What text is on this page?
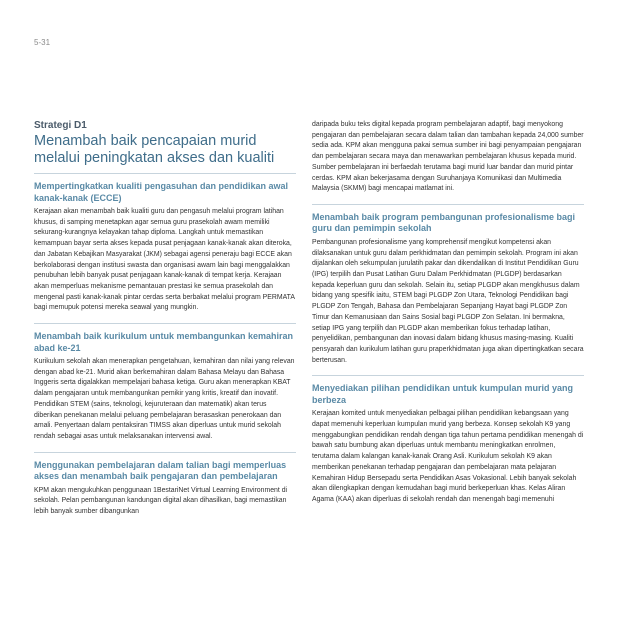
5-31
Strategi D1
Menambah baik pencapaian murid melalui peningkatan akses dan kualiti
Mempertingkatkan kualiti pengasuhan dan pendidikan awal kanak-kanak (ECCE)
Kerajaan akan menambah baik kualiti guru dan pengasuh melalui program latihan khusus, di samping menetapkan agar semua guru prasekolah awam memiliki sekurang-kurangnya kelayakan tahap diploma. Langkah untuk memastikan kemampuan bayar serta akses kepada pusat penjagaan kanak-kanak akan diteroka, dan Jabatan Kebajikan Masyarakat (JKM) sebagai agensi peneraju bagi ECCE akan berkolaborasi dengan institusi swasta dan organisasi awam lain bagi menggalakkan penubuhan lebih banyak pusat penjagaan kanak-kanak di tempat kerja. Kerajaan akan memperluas mekanisme pemantauan prestasi ke semua prasekolah dan mengenal pasti kanak-kanak pintar cerdas serta berbakat melalui program PERMATA bagi memupuk potensi mereka seawal yang mungkin.
Menambah baik kurikulum untuk membangunkan kemahiran abad ke-21
Kurikulum sekolah akan menerapkan pengetahuan, kemahiran dan nilai yang relevan dengan abad ke-21. Murid akan berkemahiran dalam Bahasa Melayu dan Bahasa Inggeris serta digalakkan mempelajari bahasa ketiga. Guru akan menerapkan KBAT dalam pengajaran untuk membangunkan pemikir yang kritis, kreatif dan inovatif. Pendidikan STEM (sains, teknologi, kejuruteraan dan matematik) akan terus diberikan penekanan melalui peluang pembelajaran berasaskan penerokaan dan amali. Penyertaan dalam pentaksiran TIMSS akan diperluas untuk murid sekolah rendah sebagai asas untuk melaksanakan intervensi awal.
Menggunakan pembelajaran dalam talian bagi memperluas akses dan menambah baik pengajaran dan pembelajaran
KPM akan mengukuhkan penggunaan 1BestariNet Virtual Learning Environment di sekolah. Pelan pembangunan kandungan digital akan dihasilkan, bagi memastikan lebih banyak sumber dibangunkan
daripada buku teks digital kepada program pembelajaran adaptif, bagi menyokong pengajaran dan pembelajaran secara dalam talian dan tambahan kepada 24,000 sumber sedia ada. KPM akan mengguna pakai semua sumber ini bagi penyampaian pengajaran dan pembelajaran secara maya dan menawarkan pembelajaran khusus kepada murid. Sumber pembelajaran ini berfaedah terutama bagi murid luar bandar dan murid pintar cerdas. KPM akan bekerjasama dengan Suruhanjaya Komunikasi dan Multimedia Malaysia (SKMM) bagi mencapai matlamat ini.
Menambah baik program pembangunan profesionalisme bagi guru dan pemimpin sekolah
Pembangunan profesionalisme yang komprehensif mengikut kompetensi akan dilaksanakan untuk guru dalam perkhidmatan dan pemimpin sekolah. Program ini akan dijalankan oleh sekumpulan jurulatih pakar dan dikendalikan di Institut Pendidikan Guru (IPG) terpilih dan Pusat Latihan Guru Dalam Perkhidmatan (PLGDP) berdasarkan kepada keperluan guru dan sekolah. Selain itu, setiap PLGDP akan mengkhusus dalam bidang yang spesifik iaitu, STEM bagi PLGDP Zon Utara, Teknologi Pendidikan bagi PLGDP Zon Tengah, Bahasa dan Pembelajaran Sepanjang Hayat bagi PLGDP Zon Timur dan Kemanusiaan dan Sains Sosial bagi PLGDP Zon Selatan. Ini bermakna, setiap IPG yang terpilih dan PLGDP akan memberikan fokus terhadap latihan, penyelidikan, pembangunan dan inovasi dalam bidang khusus masing-masing. Kualiti pensyarah dan kurikulum latihan guru praperkhidmatan juga akan dipertingkatkan secara berterusan.
Menyediakan pilihan pendidikan untuk kumpulan murid yang berbeza
Kerajaan komited untuk menyediakan pelbagai pilihan pendidikan kebangsaan yang dapat memenuhi keperluan kumpulan murid yang berbeza. Konsep sekolah K9 yang menggabungkan pendidikan rendah dengan tiga tahun pertama pendidikan menengah di bawah satu bumbung akan diperluas untuk membantu meningkatkan enrolmen, terutama dalam kalangan kanak-kanak Orang Asli. Kurikulum sekolah K9 akan memberikan penekanan terhadap pengajaran dan pembelajaran mata pelajaran Kemahiran Hidup Bersepadu serta Pendidikan Asas Vokasional. Lebih banyak sekolah akan dilengkapkan dengan kemudahan bagi murid berkeperluan khas. Kelas Aliran Agama (KAA) akan diperluas di sekolah rendah dan menengah bagi memenuhi
